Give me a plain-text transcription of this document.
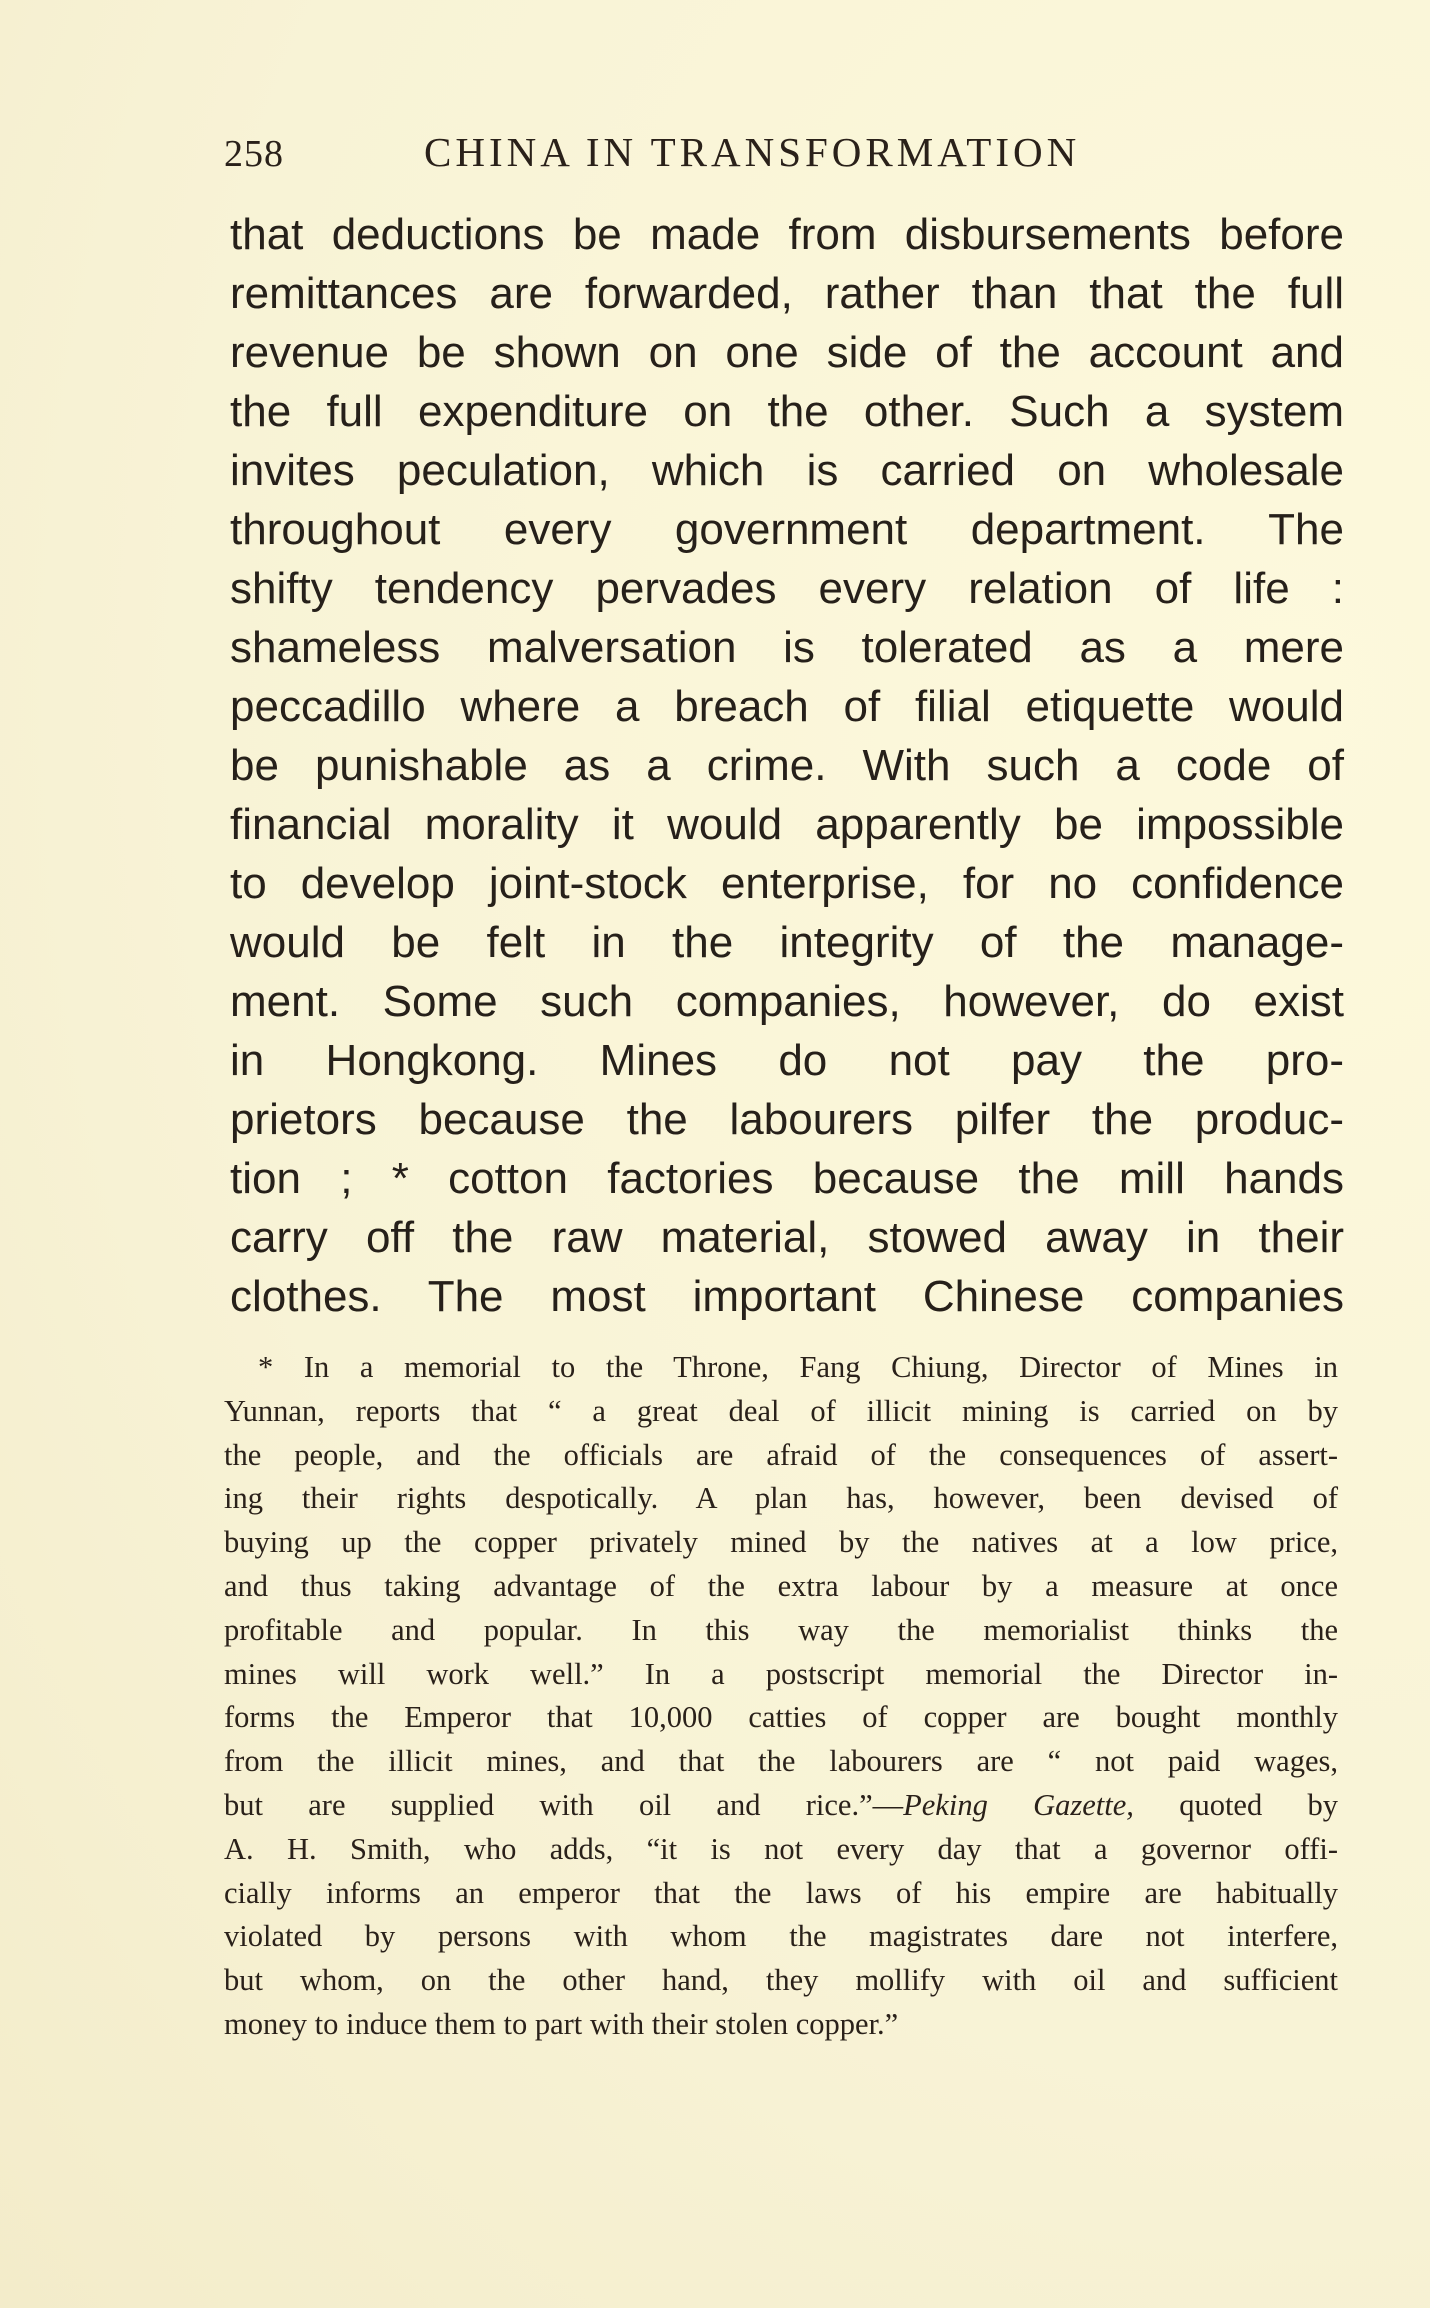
258	CHINA IN TRANSFORMATION
that deductions be made from disbursements before
remittances are forwarded, rather than that the full
revenue be shown on one side of the account and
the full expenditure on the other. Such a system
invites peculation, which is carried on wholesale
throughout every government department. The
shifty tendency pervades every relation of life :
shameless malversation is tolerated as a mere
peccadillo where a breach of filial etiquette would
be punishable as a crime. With such a code of
financial morality it would apparently be impossible
to develop joint-stock enterprise, for no confidence
would be felt in the integrity of the manage-
ment. Some such companies, however, do exist
in Hongkong. Mines do not pay the pro-
prietors because the labourers pilfer the produc-
tion ; * cotton factories because the mill hands
carry off the raw material, stowed away in their
clothes. The most important Chinese companies
* In a memorial to the Throne, Fang Chiung, Director of Mines in
Yunnan, reports that “ a great deal of illicit mining is carried on by
the people, and the officials are afraid of the consequences of assert-
ing their rights despotically. A plan has, however, been devised of
buying up the copper privately mined by the natives at a low price,
and thus taking advantage of the extra labour by a measure at once
profitable and popular. In this way the memorialist thinks the
mines will work well.” In a postscript memorial the Director in-
forms the Emperor that 10,000 catties of copper are bought monthly
from the illicit mines, and that the labourers are “ not paid wages,
but are supplied with oil and rice.”—Peking Gazette, quoted by
A. H. Smith, who adds, “it is not every day that a governor offi-
cially informs an emperor that the laws of his empire are habitually
violated by persons with whom the magistrates dare not interfere,
but whom, on the other hand, they mollify with oil and sufficient
money to induce them to part with their stolen copper.”
